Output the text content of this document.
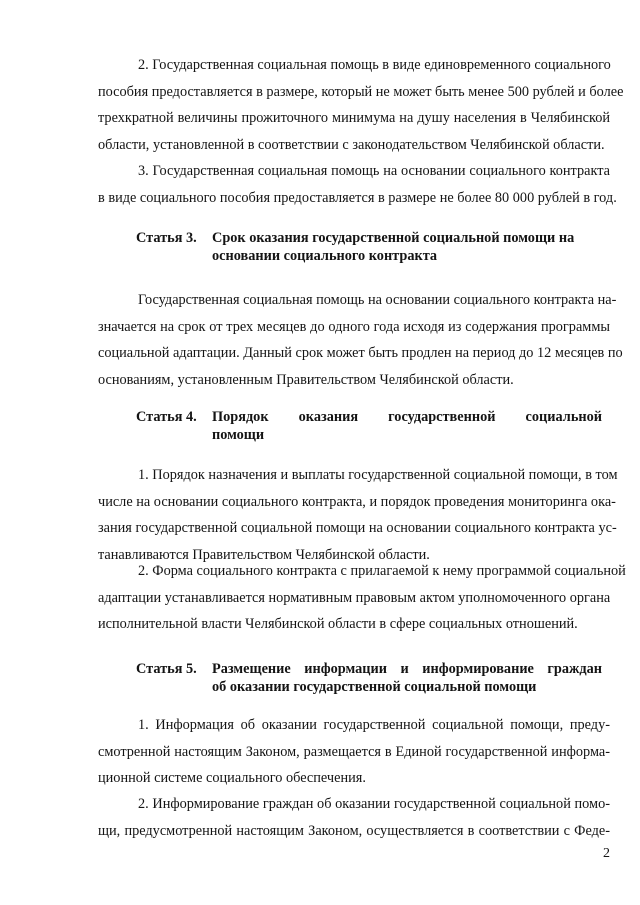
2. Государственная социальная помощь в виде единовременного социального
пособия предоставляется в размере, который не может быть менее 500 рублей и более
трехкратной величины прожиточного минимума на душу населения в Челябинской
области, установленной в соответствии с законодательством Челябинской области.
3. Государственная социальная помощь на основании социального контракта
в виде социального пособия предоставляется в размере не более 80 000 рублей в год.
Статья 3. Срок оказания государственной социальной помощи на
основании социального контракта
Государственная социальная помощь на основании социального контракта на-
значается на срок от трех месяцев до одного года исходя из содержания программы
социальной адаптации. Данный срок может быть продлен на период до 12 месяцев по
основаниям, установленным Правительством Челябинской области.
Статья 4. Порядок оказания государственной социальной
помощи
1. Порядок назначения и выплаты государственной социальной помощи, в том
числе на основании социального контракта, и порядок проведения мониторинга ока-
зания государственной социальной помощи на основании социального контракта ус-
танавливаются Правительством Челябинской области.
2. Форма социального контракта с прилагаемой к нему программой социальной
адаптации устанавливается нормативным правовым актом уполномоченного органа
исполнительной власти Челябинской области в сфере социальных отношений.
Статья 5. Размещение информации и информирование граждан
об оказании государственной социальной помощи
1. Информация об оказании государственной социальной помощи, преду-
смотренной настоящим Законом, размещается в Единой государственной информа-
ционной системе социального обеспечения.
2. Информирование граждан об оказании государственной социальной помо-
щи, предусмотренной настоящим Законом, осуществляется в соответствии с Феде-
2
